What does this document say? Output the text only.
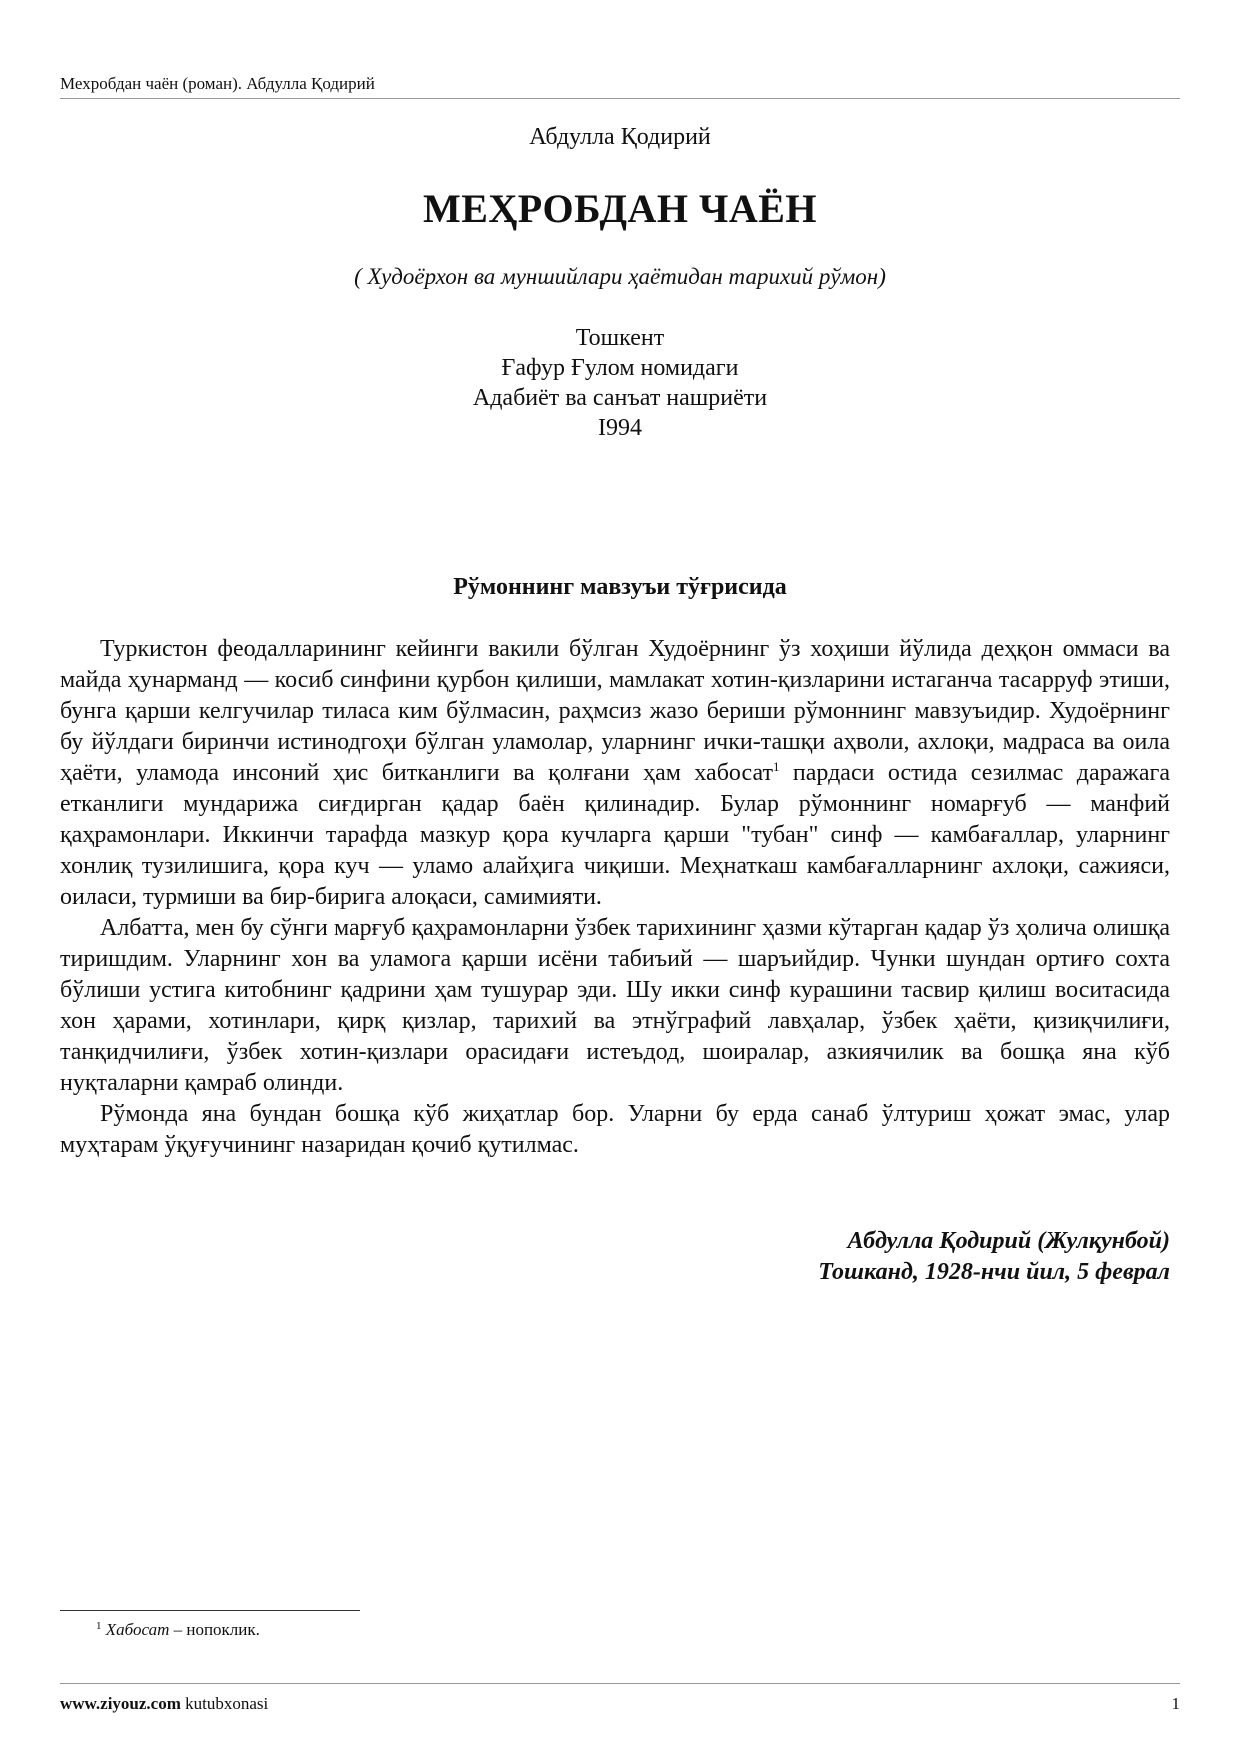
Мехробдан чаён (роман). Абдулла Қодирий
Абдулла Қодирий
МЕҲРОБДАН ЧАЁН
( Худоёрхон ва муншийлари ҳаётидан тарихий рўмон)
Тошкент
Ғафур Ғулом номидаги
Адабиёт ва санъат нашриёти
I994
Рўмоннинг мавзуъи тўғрисида

Туркистон феодалларининг кейинги вакили бўлган Худоёрнинг ўз хоҳиши йўлида деҳқон оммаси ва майда ҳунарманд — косиб синфини қурбон қилиши, мамлакат хотин-қизларини истаганча тасарруф этиши, бунга қарши келгучилар тиласа ким бўлмасин, раҳмсиз жазо бериши рўмоннинг мавзуъидир. Худоёрнинг бу йўлдаги биринчи истинодгоҳи бўлган уламолар, уларнинг ички-ташқи аҳволи, ахлоқи, мадраса ва оила ҳаёти, уламода инсоний ҳис битканлиги ва қолғани ҳам хабосат$^1$ пардаси остида сезилмас даражага етканлиги мундарижа сиғдирган қадар баён қилинадир. Булар рўмоннинг номарғуб — манфий қаҳрамонлари. Иккинчи тарафда мазкур қора кучларга қарши "тубан" синф — камбағаллар, уларнинг хонлиқ тузилишига, қора куч — уламо алайҳига чиқиши. Меҳнаткаш камбағалларнинг ахлоқи, сажияси, оиласи, турмиши ва бир-бирига алоқаси, самимияти.

Албатта, мен бу сўнги марғуб қаҳрамонларни ўзбек тарихининг ҳазми кўтарган қадар ўз ҳолича олишқа тиришдим. Уларнинг хон ва уламога қарши исёни табиъий — шаръийдир. Чунки шундан ортиғо сохта бўлиши устига китобнинг қадрини ҳам тушурар эди. Шу икки синф курашини тасвир қилиш воситасида хон ҳарами, хотинлари, қирқ қизлар, тарихий ва этнўграфий лавҳалар, ўзбек ҳаёти, қизиқчилиғи, танқидчилиғи, ўзбек хотин-қизлари орасидағи истеъдод, шоиралар, азкиячилик ва бошқа яна кўб нуқталарни қамраб олинди.

Рўмонда яна бундан бошқа кўб жиҳатлар бор. Уларни бу ерда санаб ўлтуриш ҳожат эмас, улар муҳтарам ўқуғучининг назаридан қочиб қутилмас.

Абдулла Қодирий (Жулқунбой)
Тошканд, 1928-нчи йил, 5 феврал
$^1$ Хабосат – нопоклик.
www.ziyouz.com kutubxonasi	1
